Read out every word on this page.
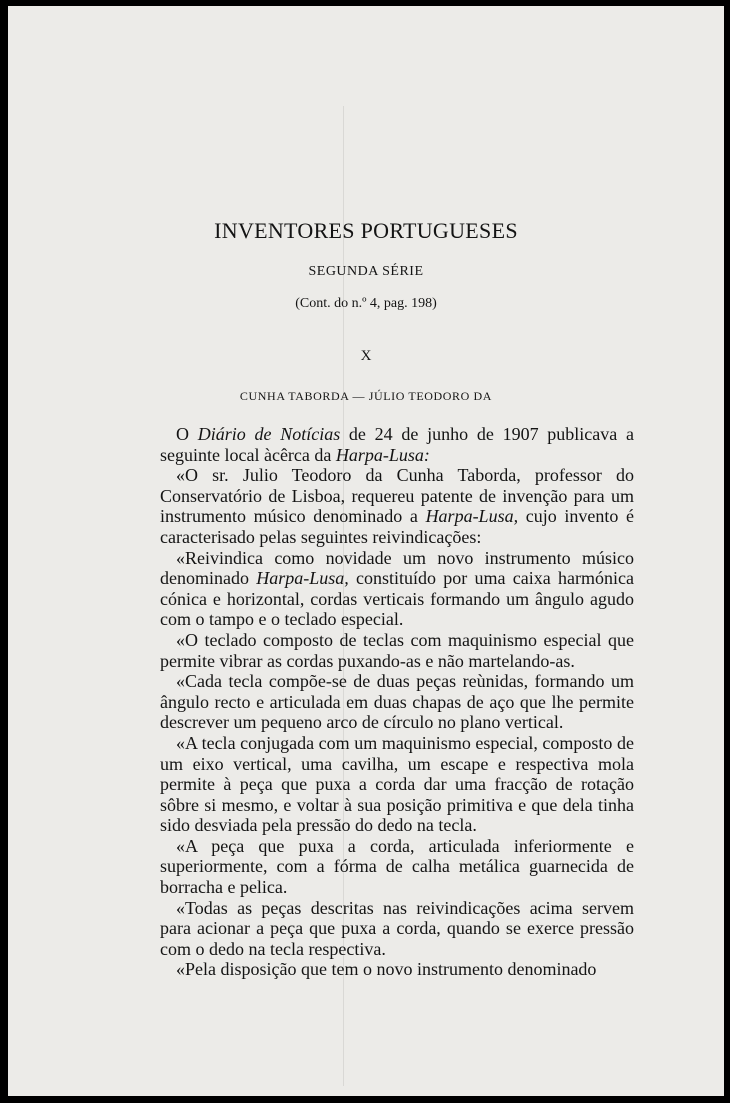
INVENTORES PORTUGUESES
SEGUNDA SÉRIE
(Cont. do n.º 4, pag. 198)
X
CUNHA TABORDA — JÚLIO TEODORO DA

O Diário de Notícias de 24 de junho de 1907 publicava a seguinte local àcêrca da Harpa-Lusa:

«O sr. Julio Teodoro da Cunha Taborda, professor do Conservatório de Lisboa, requereu patente de invenção para um instrumento músico denominado a Harpa-Lusa, cujo invento é caracterisado pelas seguintes reivindicações:

«Reivindica como novidade um novo instrumento músico denominado Harpa-Lusa, constituído por uma caixa harmónica cónica e horizontal, cordas verticais formando um ângulo agudo com o tampo e o teclado especial.

«O teclado composto de teclas com maquinismo especial que permite vibrar as cordas puxando-as e não martelando-as.

«Cada tecla compõe-se de duas peças reùnidas, formando um ângulo recto e articulada em duas chapas de aço que lhe permite descrever um pequeno arco de círculo no plano vertical.

«A tecla conjugada com um maquinismo especial, composto de um eixo vertical, uma cavilha, um escape e respectiva mola permite à peça que puxa a corda dar uma fracção de rotação sôbre si mesmo, e voltar à sua posição primitiva e que dela tinha sido desviada pela pressão do dedo na tecla.

«A peça que puxa a corda, articulada inferiormente e superiormente, com a fórma de calha metálica guarnecida de borracha e pelica.

«Todas as peças descritas nas reivindicações acima servem para acionar a peça que puxa a corda, quando se exerce pressão com o dedo na tecla respectiva.

«Pela disposição que tem o novo instrumento denominado
